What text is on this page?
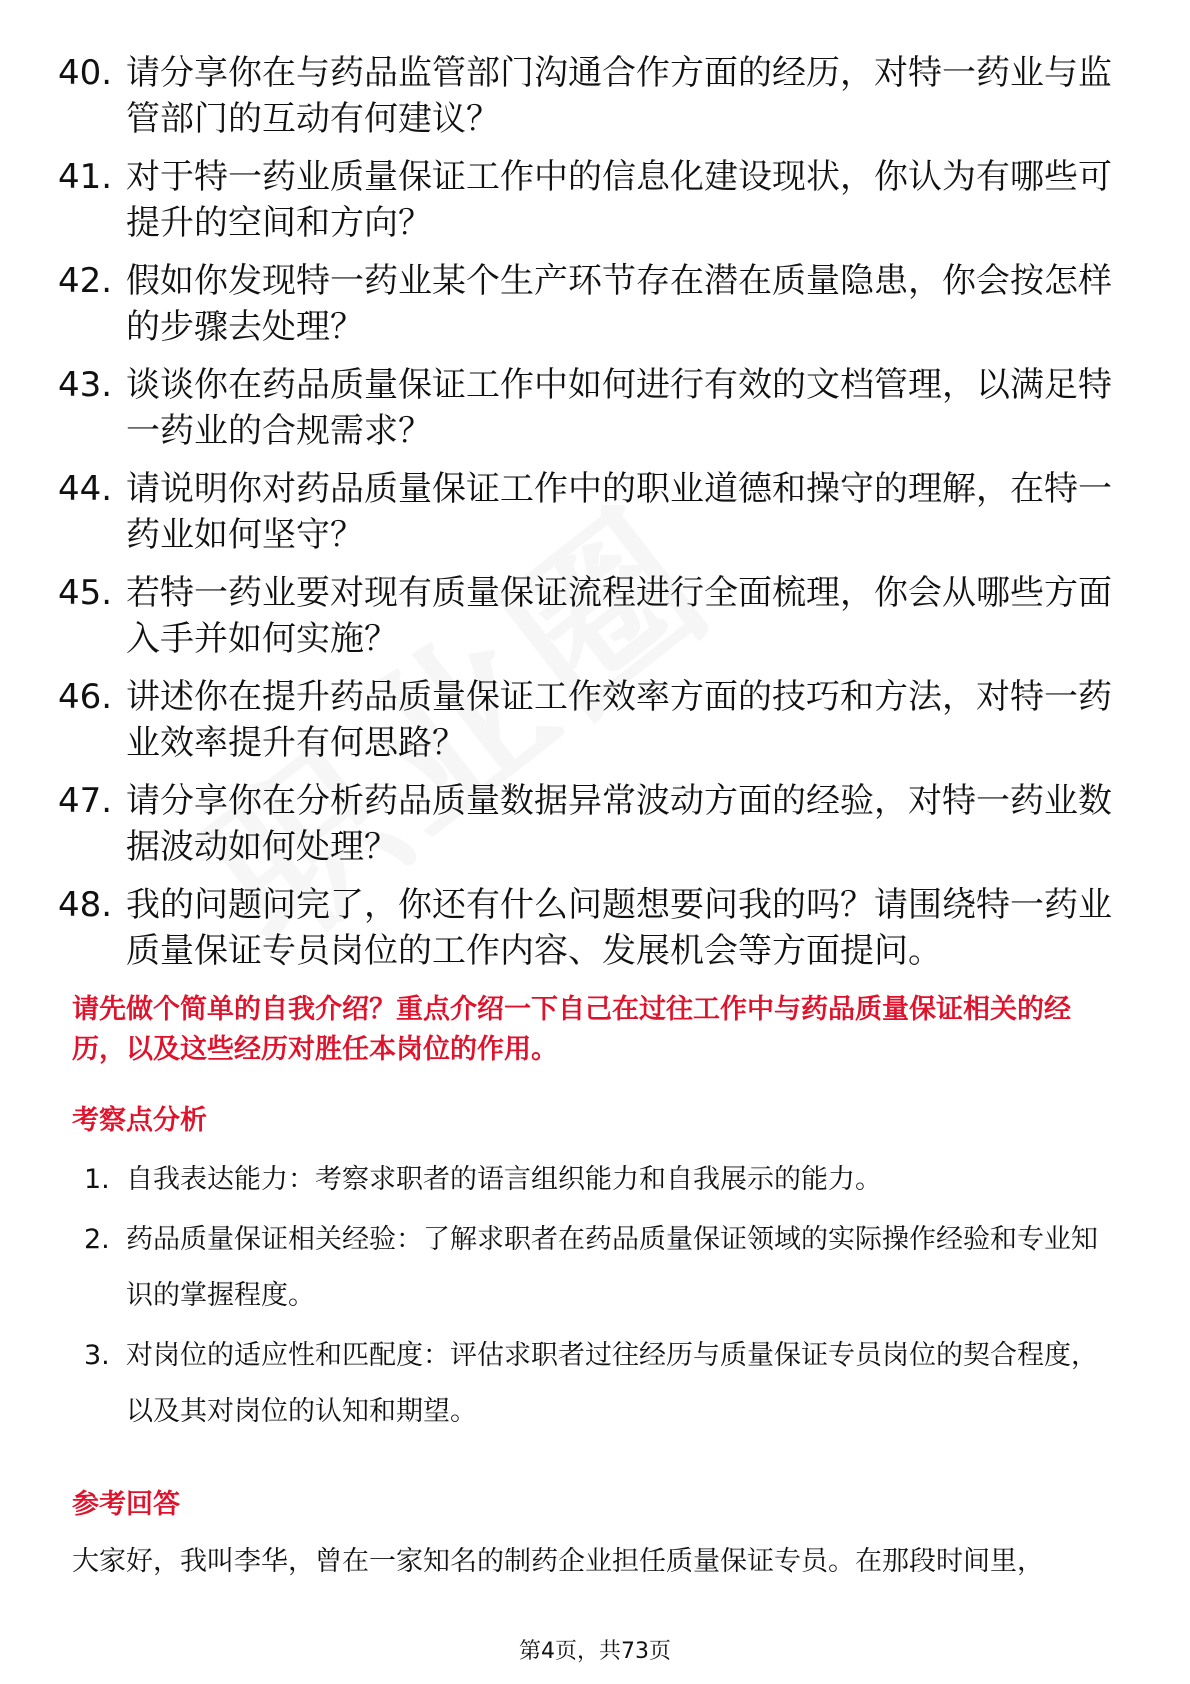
40. 请分享你在与药品监管部门沟通合作方面的经历，对特一药业与监管部门的互动有何建议？
41. 对于特一药业质量保证工作中的信息化建设现状，你认为有哪些可提升的空间和方向？
42. 假如你发现特一药业某个生产环节存在潜在质量隐患，你会按怎样的步骤去处理？
43. 谈谈你在药品质量保证工作中如何进行有效的文档管理，以满足特一药业的合规需求？
44. 请说明你对药品质量保证工作中的职业道德和操守的理解，在特一药业如何坚守？
45. 若特一药业要对现有质量保证流程进行全面梳理，你会从哪些方面入手并如何实施？
46. 讲述你在提升药品质量保证工作效率方面的技巧和方法，对特一药业效率提升有何思路？
47. 请分享你在分析药品质量数据异常波动方面的经验，对特一药业数据波动如何处理？
48. 我的问题问完了，你还有什么问题想要问我的吗？请围绕特一药业质量保证专员岗位的工作内容、发展机会等方面提问。
请先做个简单的自我介绍？重点介绍一下自己在过往工作中与药品质量保证相关的经历，以及这些经历对胜任本岗位的作用。
考察点分析
1. 自我表达能力：考察求职者的语言组织能力和自我展示的能力。
2. 药品质量保证相关经验：了解求职者在药品质量保证领域的实际操作经验和专业知识的掌握程度。
3. 对岗位的适应性和匹配度：评估求职者过往经历与质量保证专员岗位的契合程度，以及其对岗位的认知和期望。
参考回答
大家好，我叫李华，曾在一家知名的制药企业担任质量保证专员。在那段时间里，
第4页，共73页
